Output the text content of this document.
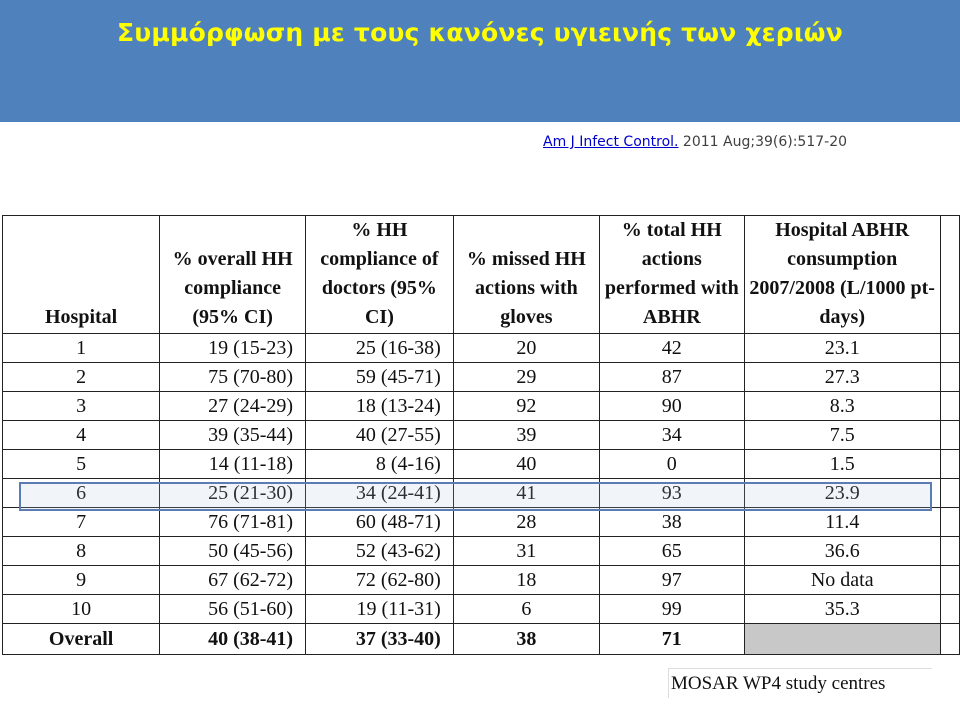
Συμμόρφωση με τους κανόνες υγιεινής των χεριών
Am J Infect Control. 2011 Aug;39(6):517-20
Hospital	% overall HH compliance (95% CI)	% HH compliance of doctors (95% CI)	% missed HH actions with gloves	% total HH actions performed with ABHR	Hospital ABHR consumption 2007/2008 (L/1000 pt-days)	
1	19 (15-23)	25 (16-38)	20	42	23.1	
2	75 (70-80)	59 (45-71)	29	87	27.3	
3	27 (24-29)	18 (13-24)	92	90	8.3	
4	39 (35-44)	40 (27-55)	39	34	7.5	
5	14 (11-18)	8 (4-16)	40	0	1.5	
6	25 (21-30)	34 (24-41)	41	93	23.9	
7	76 (71-81)	60 (48-71)	28	38	11.4	
8	50 (45-56)	52 (43-62)	31	65	36.6	
9	67 (62-72)	72 (62-80)	18	97	No data	
10	56 (51-60)	19 (11-31)	6	99	35.3	
Overall	40 (38-41)	37 (33-40)	38	71		
MOSAR WP4 study centres
